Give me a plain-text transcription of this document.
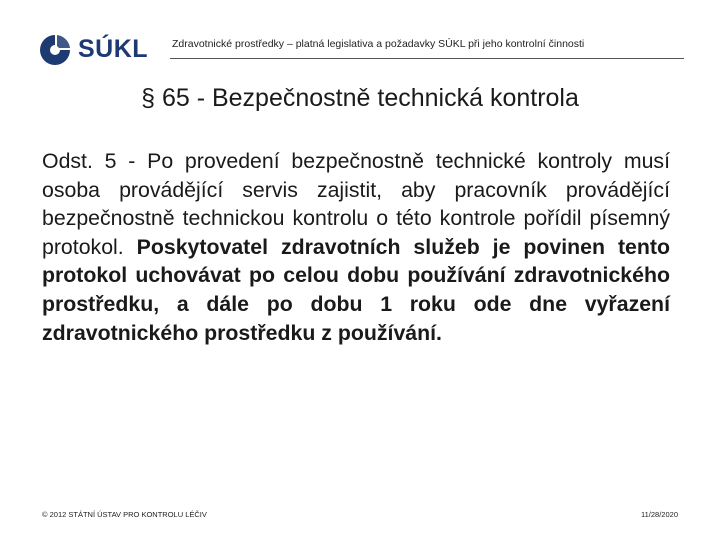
SÚKL Zdravotnické prostředky – platná legislativa a požadavky SÚKL při jeho kontrolní činnosti
§ 65 - Bezpečnostně technická kontrola
Odst. 5 - Po provedení bezpečnostně technické kontroly musí osoba provádějící servis zajistit, aby pracovník provádějící bezpečnostně technickou kontrolu o této kontrole pořídil písemný protokol. Poskytovatel zdravotních služeb je povinen tento protokol uchovávat po celou dobu používání zdravotnického prostředku, a dále po dobu 1 roku ode dne vyřazení zdravotnického prostředku z používání.
© 2012 STÁTNÍ ÚSTAV PRO KONTROLU LÉČIV	11/28/2020
